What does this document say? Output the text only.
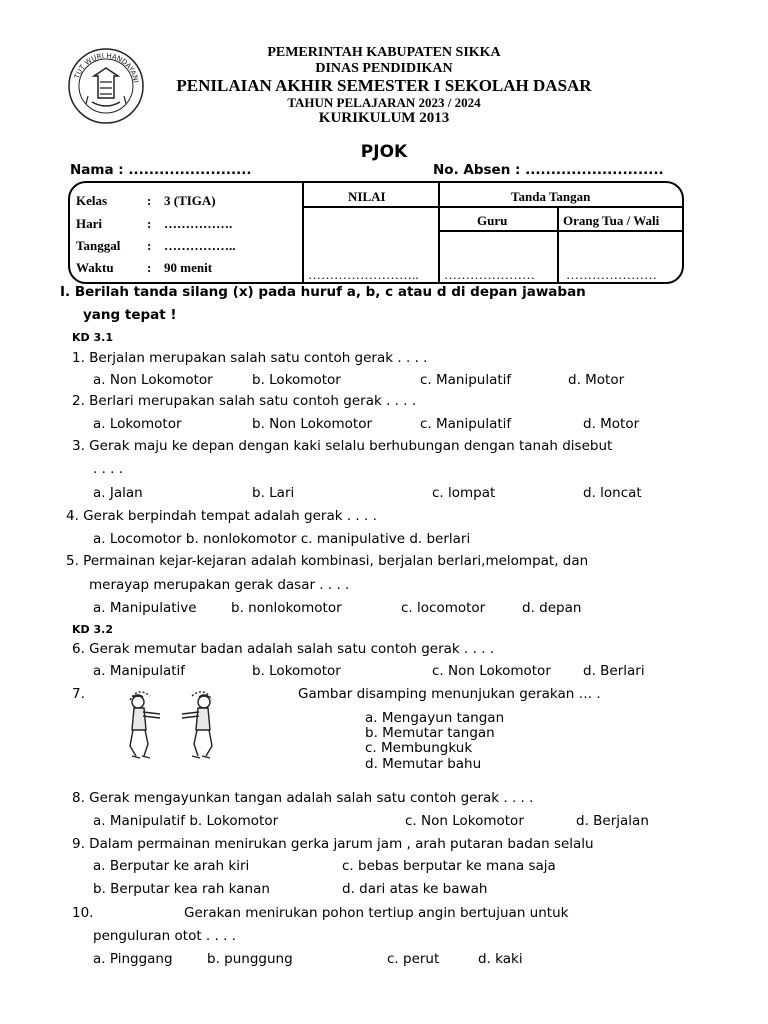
TUT WURI HANDAYANI
PEMERINTAH KABUPATEN SIKKA
DINAS PENDIDIKAN
PENILAIAN AKHIR SEMESTER I SEKOLAH DASAR
TAHUN PELAJARAN 2023 / 2024
KURIKULUM 2013
PJOK
Nama : ........................	No. Absen : ...........................
Kelas	: 3 (TIGA)
Hari	: …………….
Tanggal : ……………..
Waktu	: 90 menit
NILAI	Tanda Tangan
Guru	Orang Tua / Wali
…………………….. ………………… …………………
I. Berilah tanda silang (x) pada huruf a, b, c atau d di depan jawaban
yang tepat !
KD 3.1
1. Berjalan merupakan salah satu contoh gerak . . . .
a. Non Lokomotor	b. Lokomotor	c. Manipulatif	d. Motor
2. Berlari merupakan salah satu contoh gerak . . . .
a. Lokomotor	b. Non Lokomotor	c. Manipulatif	d. Motor
3. Gerak maju ke depan dengan kaki selalu berhubungan dengan tanah disebut
. . . .
a. Jalan	b. Lari	c. lompat	d. loncat
4. Gerak berpindah tempat adalah gerak . . . .
a. Locomotor b. nonlokomotor c. manipulative d. berlari
5. Permainan kejar-kejaran adalah kombinasi, berjalan berlari,melompat, dan
merayap merupakan gerak dasar . . . .
a. Manipulative	b. nonlokomotor	c. locomotor	d. depan
KD 3.2
6. Gerak memutar badan adalah salah satu contoh gerak . . . .
a. Manipulatif	b. Lokomotor	c. Non Lokomotor d. Berlari
7.	Gambar disamping menunjukan gerakan … .
a. Mengayun tangan
b. Memutar tangan
c. Membungkuk
d. Memutar bahu
8. Gerak mengayunkan tangan adalah salah satu contoh gerak . . . .
a. Manipulatif b. Lokomotor	c. Non Lokomotor	d. Berjalan
9. Dalam permainan menirukan gerka jarum jam , arah putaran badan selalu
a. Berputar ke arah kiri	c. bebas berputar ke mana saja
b. Berputar kea rah kanan	d. dari atas ke bawah
10.	Gerakan menirukan pohon tertiup angin bertujuan untuk
penguluran otot . . . .
a. Pinggang	b. punggung	c. perut	d. kaki
